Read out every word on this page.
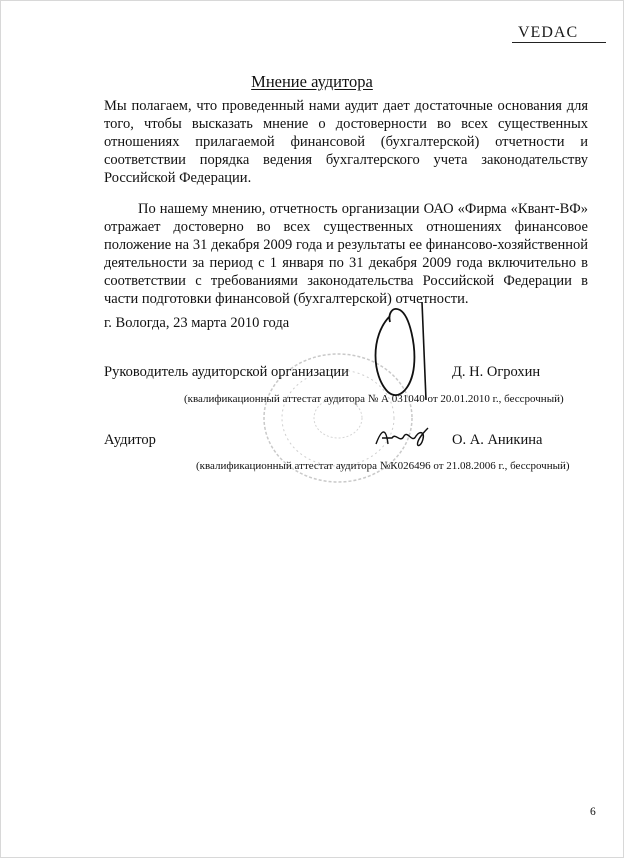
VEDAC
Мнение аудитора
Мы полагаем, что проведенный нами аудит дает достаточные основания для того, чтобы высказать мнение о достоверности во всех существенных отношениях прилагаемой финансовой (бухгалтерской) отчетности и соответствии порядка ведения бухгалтерского учета законодательству Российской Федерации.
По нашему мнению, отчетность организации ОАО «Фирма «Квант-ВФ» отражает достоверно во всех существенных отношениях финансовое положение на 31 декабря 2009 года и результаты ее финансово-хозяйственной деятельности за период с 1 января по 31 декабря 2009 года включительно в соответствии с требованиями законодательства Российской Федерации в части подготовки финансовой (бухгалтерской) отчетности.
г. Вологда, 23 марта 2010 года
Руководитель аудиторской организации	Д. Н. Огрохин
(квалификационный аттестат аудитора № А 031040 от 20.01.2010 г., бессрочный)
Аудитор	О. А. Аникина
(квалификационный аттестат аудитора №К026496 от 21.08.2006 г., бессрочный)
6
